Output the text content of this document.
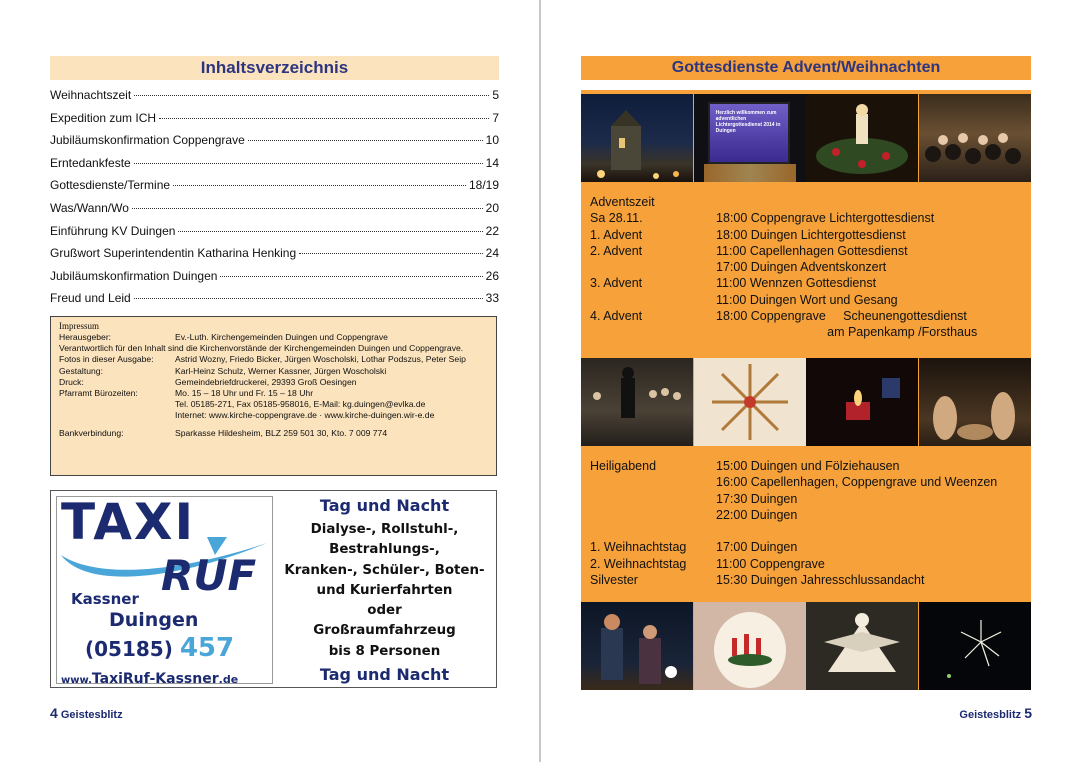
Inhaltsverzeichnis
Weihnachtszeit	5
Expedition zum ICH	7
Jubiläumskonfirmation Coppengrave	10
Erntedankfeste	14
Gottesdienste/Termine	18/19
Was/Wann/Wo	20
Einführung KV Duingen	22
Grußwort Superintendentin Katharina Henking	24
Jubiläumskonfirmation Duingen	26
Freud und Leid	33
Impressum
Herausgeber:	Ev.-Luth. Kirchengemeinden Duingen und Coppengrave
Verantwortlich für den Inhalt sind die Kirchenvorstände der Kirchengemeinden Duingen und Coppengrave.
Fotos in dieser Ausgabe:	Astrid Wozny, Friedo Bicker, Jürgen Woscholski, Lothar Podszus, Peter Seip
Gestaltung:	Karl-Heinz Schulz, Werner Kassner, Jürgen Woscholski
Druck:	Gemeindebriefdruckerei, 29393 Groß Oesingen
Pfarramt Bürozeiten:	Mo. 15 – 18 Uhr und Fr. 15 – 18 Uhr
Tel. 05185-271, Fax 05185-958016, E-Mail: kg.duingen@evlka.de
Internet: www.kirche-coppengrave.de · www.kirche-duingen.wir-e.de
Bankverbindung:	Sparkasse Hildesheim, BLZ 259 501 30, Kto. 7 009 774
TAXI
RUF
Kassner
Duingen
(05185) 457
www.TaxiRuf-Kassner.de
Tag und Nacht
Dialyse-, Rollstuhl-,
Bestrahlungs-,
Kranken-, Schüler-, Boten-
und Kurierfahrten
oder
Großraumfahrzeug
bis 8 Personen
Tag und Nacht
4 Geistesblitz
Gottesdienste Advent/Weihnachten
Herzlich willkommen zum adventlichen Lichtergottesdienst 2014 in Duingen
Adventszeit
Sa 28.11.	18:00 Coppengrave Lichtergottesdienst
1. Advent	18:00 Duingen Lichtergottesdienst
2. Advent	11:00 Capellenhagen Gottesdienst
17:00 Duingen Adventskonzert
3. Advent	11:00 Wennzen Gottesdienst
11:00 Duingen Wort und Gesang
4. Advent	18:00 Coppengrave     Scheunengottesdienst
am Papenkamp /Forsthaus
Heiligabend	15:00 Duingen und Fölziehausen
16:00 Capellenhagen, Coppengrave und Weenzen
17:30 Duingen
22:00 Duingen
1. Weihnachtstag	17:00 Duingen
2. Weihnachtstag	11:00 Coppengrave
Silvester	15:30 Duingen Jahresschlussandacht
Geistesblitz 5
